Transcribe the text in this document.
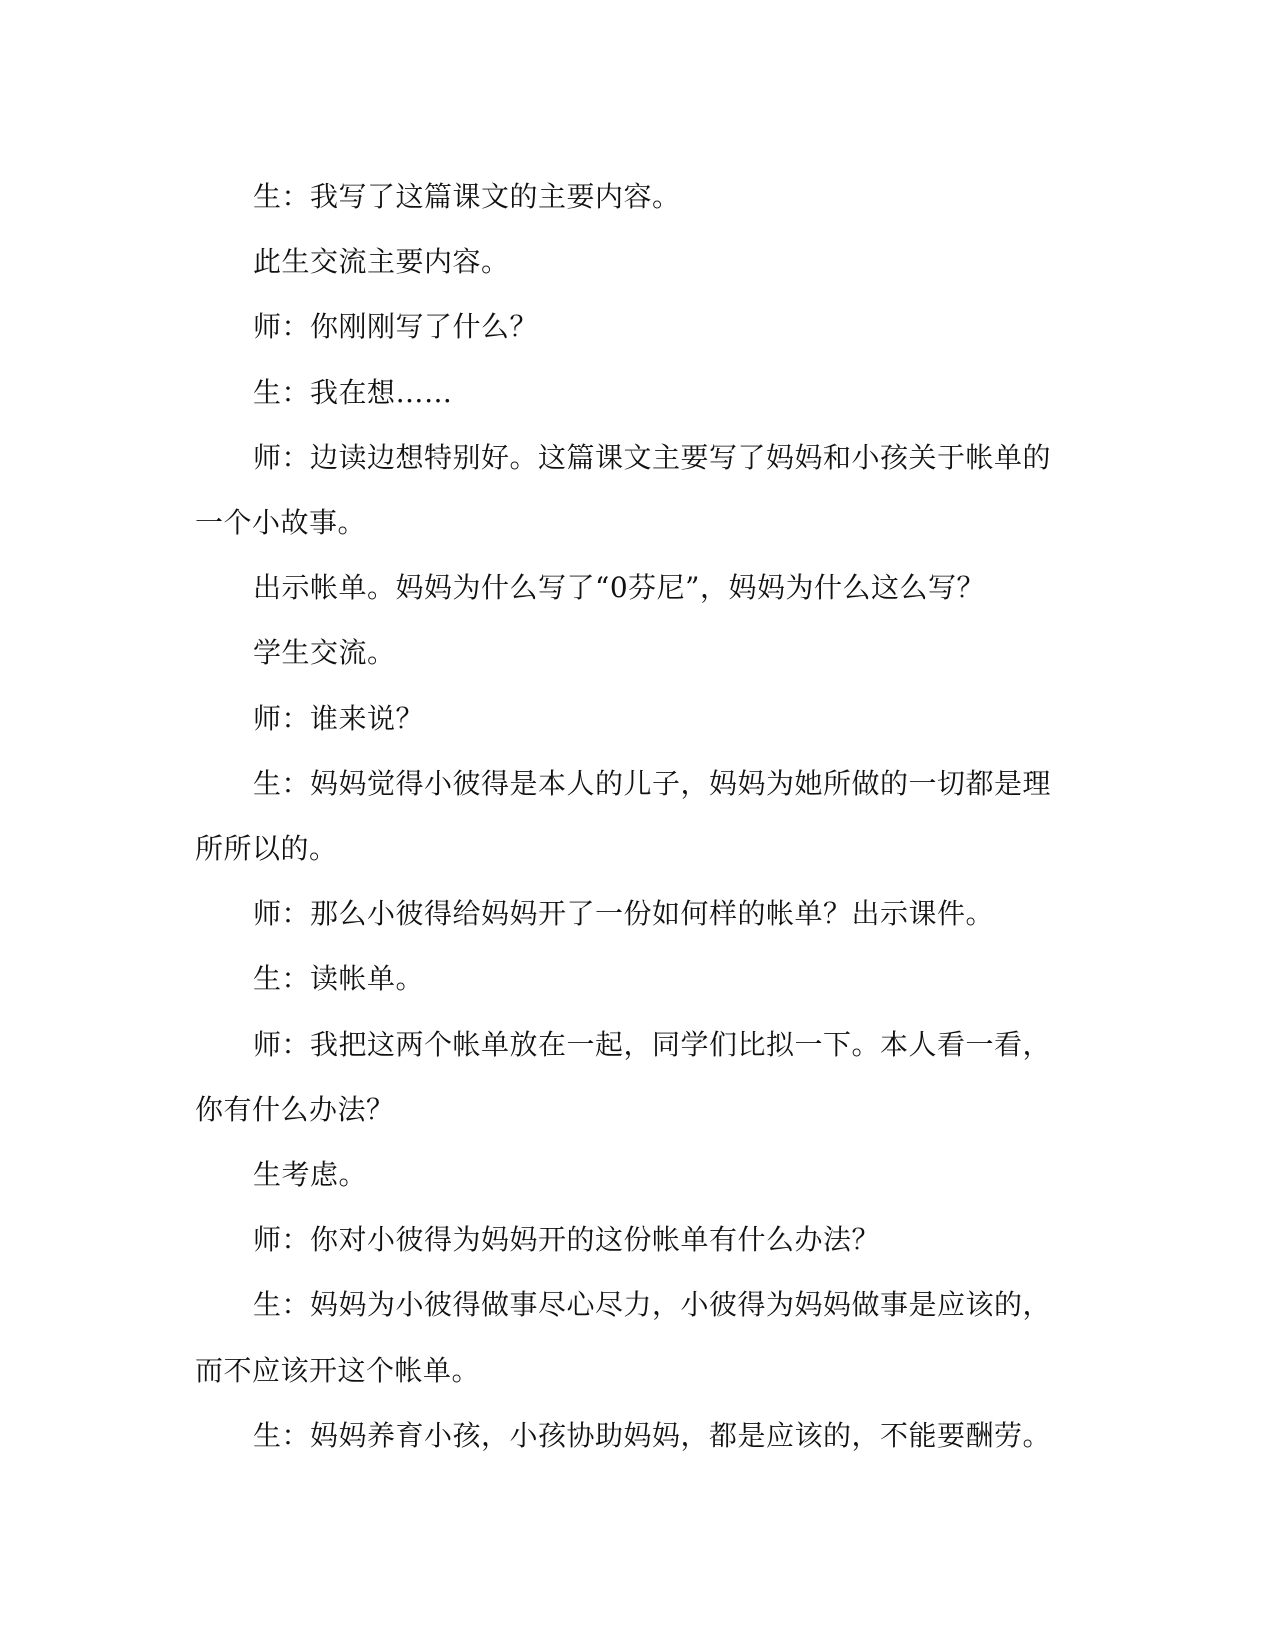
生：我写了这篇课文的主要内容。

此生交流主要内容。

师：你刚刚写了什么？

生：我在想……

师：边读边想特别好。这篇课文主要写了妈妈和小孩关于帐单的一个小故事。

出示帐单。妈妈为什么写了“0芬尼”，妈妈为什么这么写？

学生交流。

师：谁来说？

生：妈妈觉得小彼得是本人的儿子，妈妈为她所做的一切都是理所所以的。

师：那么小彼得给妈妈开了一份如何样的帐单？出示课件。

生：读帐单。

师：我把这两个帐单放在一起，同学们比拟一下。本人看一看，你有什么办法？

生考虑。

师：你对小彼得为妈妈开的这份帐单有什么办法？

生：妈妈为小彼得做事尽心尽力，小彼得为妈妈做事是应该的，而不应该开这个帐单。

生：妈妈养育小孩，小孩协助妈妈，都是应该的，不能要酬劳。
